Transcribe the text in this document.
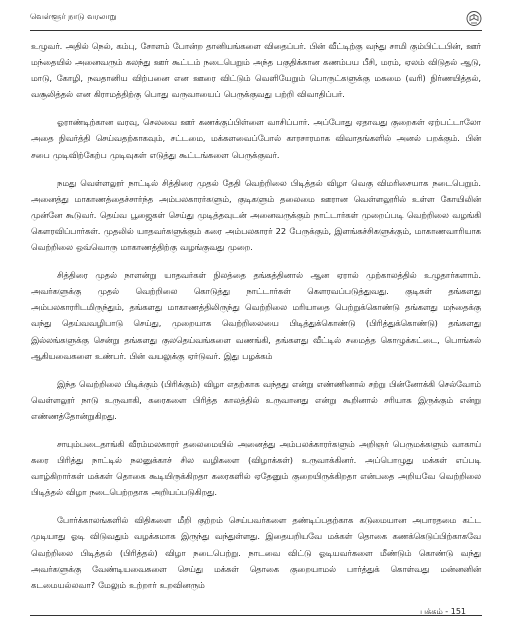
வெள்ளூர் நாடு வரலாறு

உழுவர். அதில் நெல், கம்பு, சோளம் போன்ற தானியங்களை விதைப்பர். பின் வீட்டிற்கு வந்து சாமி கும்பிட்டபின், ஊர் மந்தையில் அனைவரும் கலந்து ஊர் கூட்டம் நடைபெறும் அந்த பகுதிக்கான கணம்பய பீசி, மரம், ஏலம் விடுதல் ஆடு, மாடு, கோழி, நவதானிய விற்பனை என ஊரை விட்டும் வெளியேறும் பொருட்களுக்கு மகமை (வரி) நிர்ணயித்தல், வசூலித்தல் என கிராமத்திற்கு பொது வருவாயைப் பெருக்குவது பற்றி விவாதிப்பர்.

ஓராண்டிற்கான வரவு, செலவை ஊர் கணக்குப்பிள்ளை வாசிப்பார். அப்போது ஏதாவது குறைகள் ஏற்பட்டாலோ அதை நிவர்த்தி செய்வதற்காகவும், சட்டமை, மக்களவைப்போல் காரசாரமாக விவாதங்களில் அனல் பறக்கும். பின் சபை முடிவிற்கேற்ப முடிவுகள் எடுத்து கூட்டங்களை பெருக்குவர்.

நமது வெள்ளலூர் நாட்டில் சித்திரை முதல் தேதி வெற்றிலை பிடித்தல் விழா வெகு விமரிசையாக நடைபெறும். அனைத்து மாகாணத்தைச்சார்ந்த அம்பலகாரர்களும், குடிகளும் தலைமை ஊரான வெள்ளலூரில் உள்ள கோயிலின் முன்னே கூடுவர். தெய்வ பூஜைகள் செய்து முடித்தவுடன் அனைவருக்கும் நாட்டார்கள் முறைப்படி வெற்றிலை வழங்கி கௌரவிப்பார்கள். முதலில் யாதவர்களுக்கும் கரை அம்பலகாரர் 22 பேருக்கும், இளங்கச்சிகளுக்கும், மாகாணவாரியாக வெற்றிலை ஒவ்வொரு மாகாணத்திற்கு வழங்குவது முறை.

சித்திரை முதல் நாளன்று யாதவர்கள் நிலத்தை தங்கத்தினால் ஆன ஏரால் முற்காலத்தில் உழுதார்களாம். அவர்களுக்கு முதல் வெற்றிலை கொடுத்து நாட்டார்கள் கௌரவப்படுத்துவது. குடிகள் தங்களது அம்பலகாரரிடமிருந்தும், தங்களது மாகாணத்திலிருந்து வெற்றிலை மரியாதை பெற்றுக்கொண்டு தங்களது மந்தைக்கு வந்து தெய்வவழிபாடு செய்து, முறையாக வெற்றிலையை பிடித்துக்கொண்டு (பிரித்துக்கொண்டு) தங்களது இல்லங்களுக்கு சென்று தங்களது குலதெய்வங்களை வணங்கி, தங்களது வீட்டில் சமைத்த கொழுக்கட்டை, பொங்கல் ஆகியவைகளை உண்பர். பின் வயலுக்கு ஏர்டுவர். இது பழக்கம்

இந்த வெற்றிலை பிடிக்கும் (பிரிக்கும்) விழா எதற்காக வந்தது என்று எண்ணினால் சற்று பின்னோக்கி செல்வோம் வெள்ளலூர் நாடு உருவாகி, கரைகளை பிரித்த காலத்தில் உருவானது என்று கூறினால் சரியாக இருக்கும் என்று எண்ணத்தோன்றுகிறது.

சாயும்படைதாங்கி வீரம்மலகாரர் தலைமையில் அனைத்து அம்பலக்காரர்களும் அறிஞர் பெருமக்களும் வாகாய் கரை பிரித்து நாட்டில் நலனுக்காச் சில வழிகளை (விழாக்கள்) உருவாக்கினர். அப்பொழுது மக்கள் எப்படி வாழ்கிறார்கள் மக்கள் தொகை கூடியிருக்கிறதா கரைகளில் ஏதேனும் குறையிருக்கிறதா என்பதை அறியவே வெற்றிலை பிடித்தல் விழா நடைபெற்றதாக அறியப்படுகிறது.

போர்க்காலங்களில் விதிகளை மீறி குற்றம் செய்பவர்களை தண்டிப்பதற்காக கடுமையான அபாரதமை கட்ட முடியாது ஓடி விடுவதும் வழக்கமாக இருந்து வந்துள்ளது. இதையறியவே மக்கள் தொகை கணக்கெடுப்பிற்காகவே வெற்றிலை பிடித்தல் (பிரித்தல்) விழா நடைபெற்று. நாடவை விட்டு ஓடியவர்களை மீண்டும் கொண்டு வந்து அவர்களுக்கு வேண்டியவைகளை செய்து மக்கள் தொகை குறையாமல் பார்த்துக் கொள்வது மன்னனின் கடமையல்லவா? மேலும் உற்றார் உறவினரும்

பக்கம் - 151
